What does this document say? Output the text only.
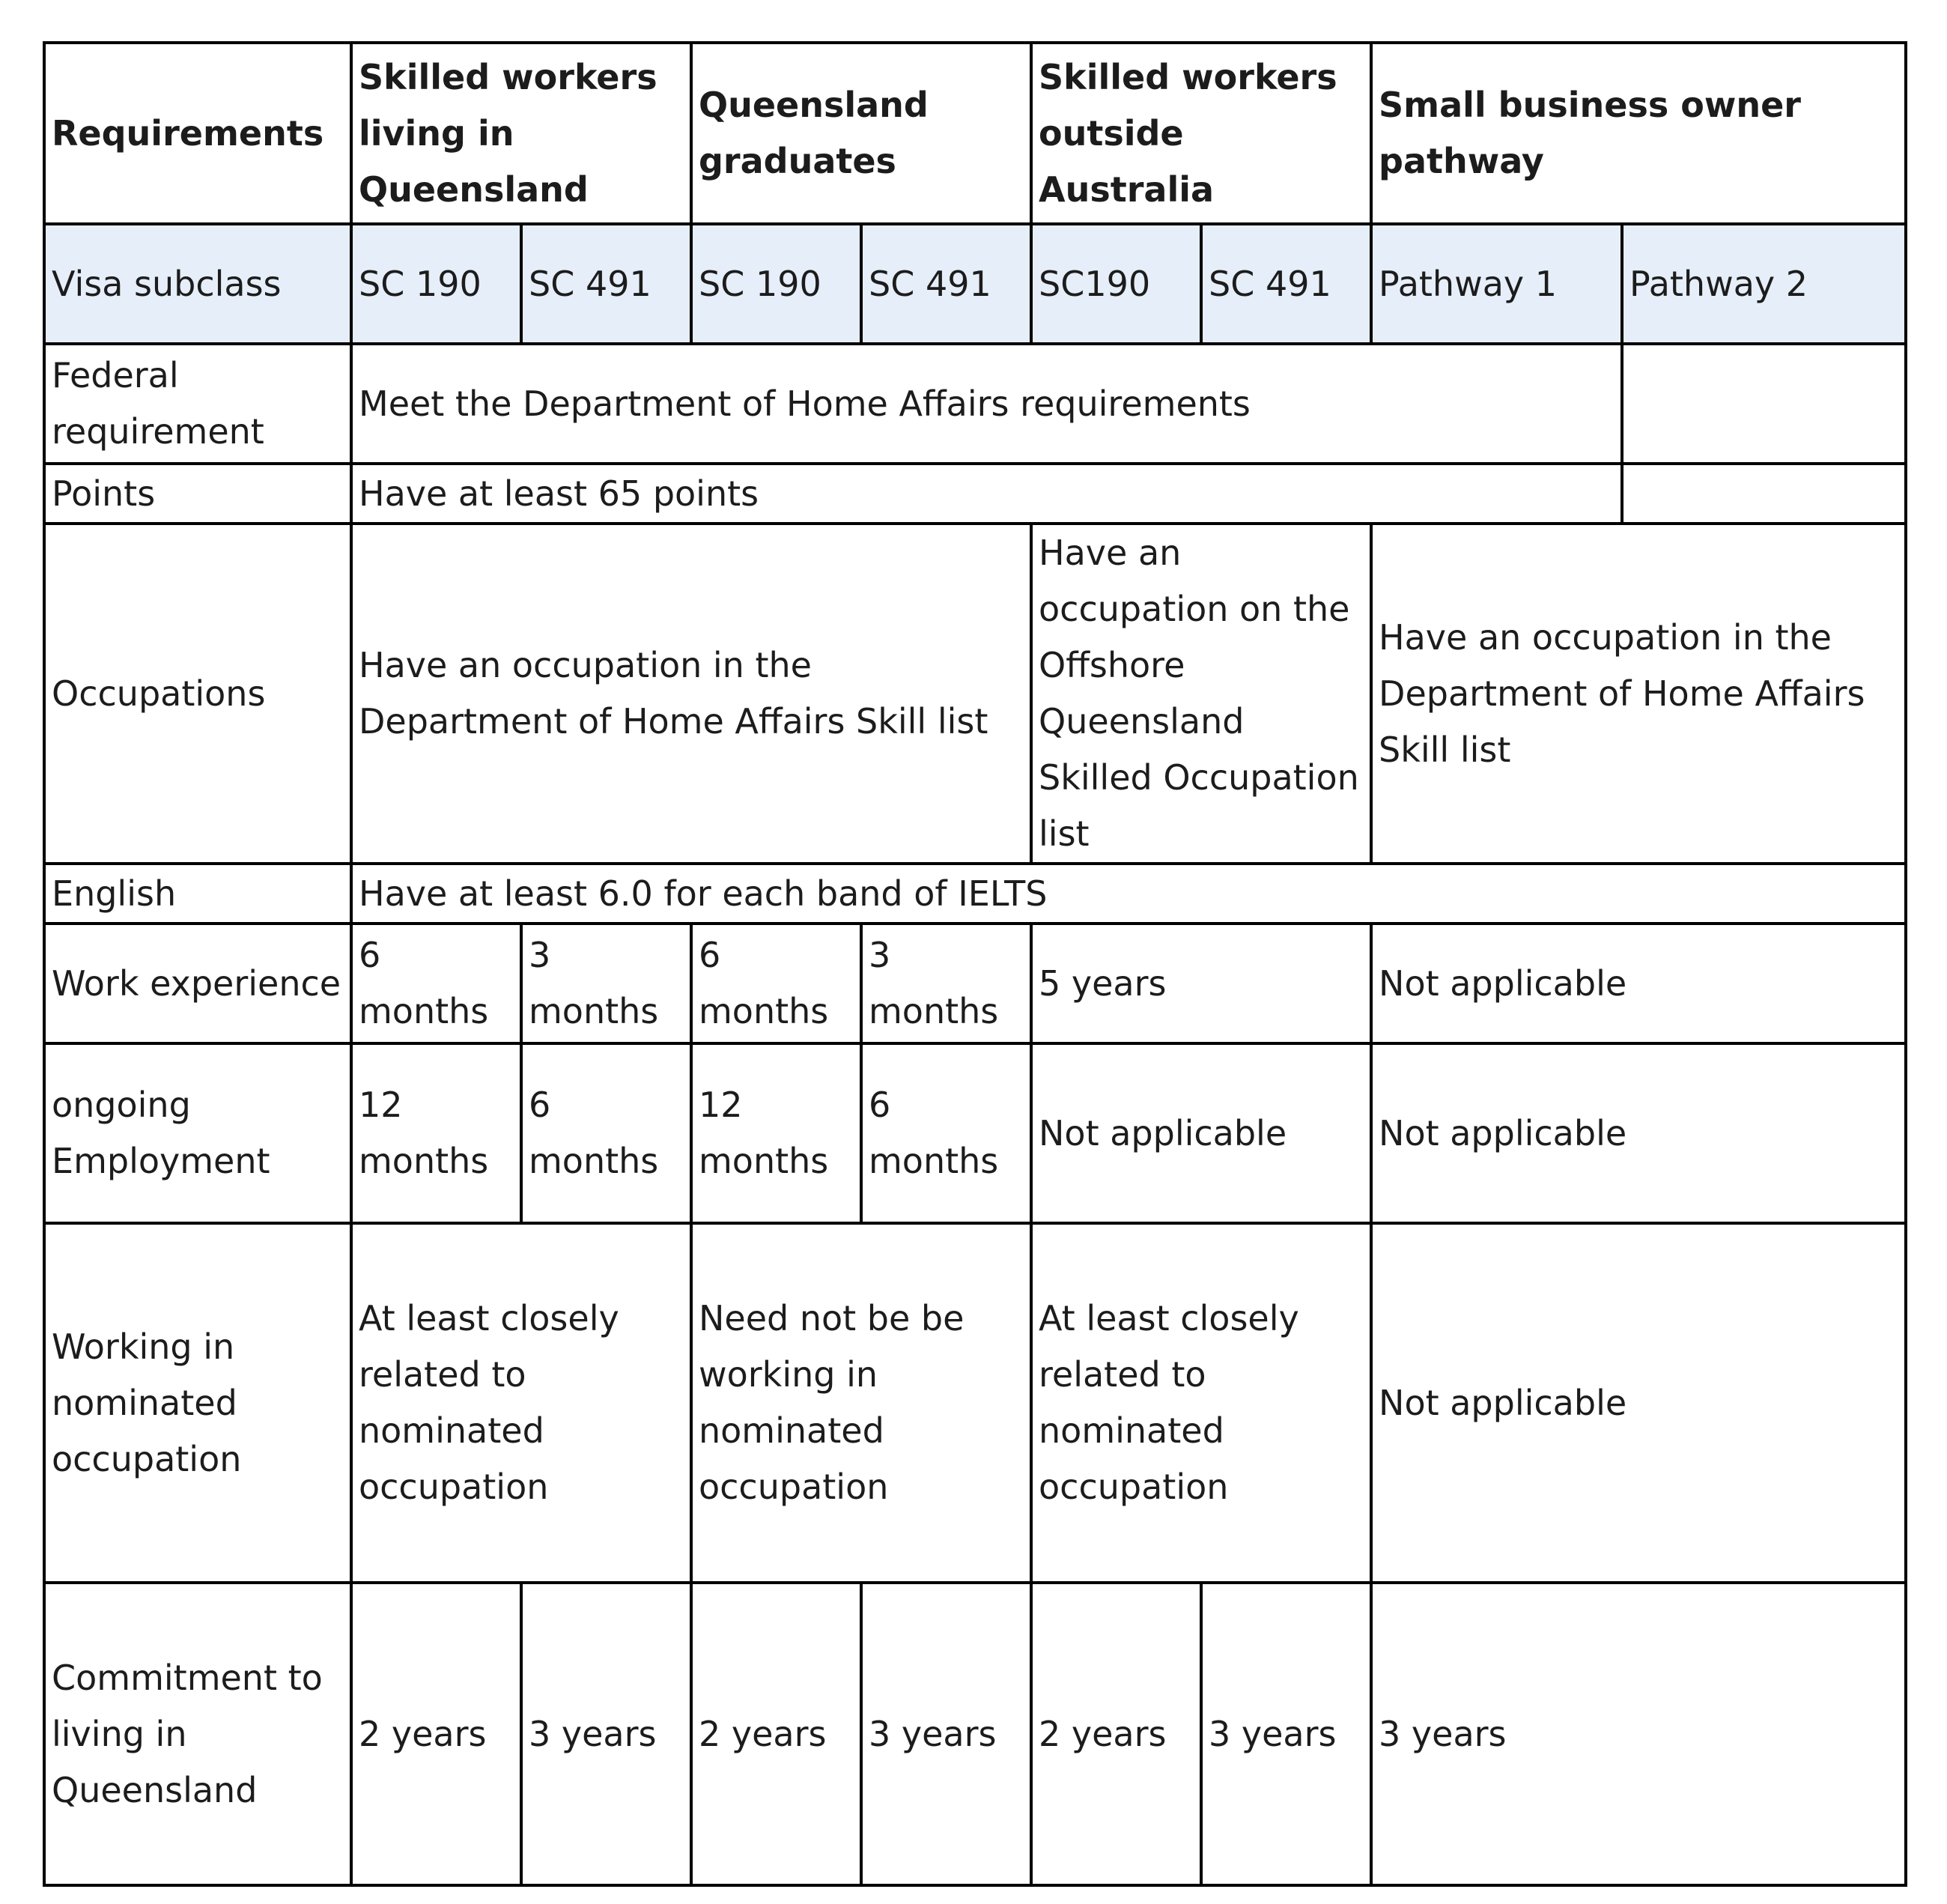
Requirements	Skilled workers living in Queensland		Queensland graduates		Skilled workers outside Australia		Small business owner pathway	

Visa subclass	SC 190	SC 491	SC 190	SC 491	SC190	SC 491	Pathway 1	Pathway 2

Federal requirement	Meet the Department of Home Affairs requirements							

Points	Have at least 65 points							

Occupations	Have an occupation in the Department of Home Affairs Skill list				Have an occupation on the Offshore Queensland Skilled Occupation list		Have an occupation in the Department of Home Affairs Skill list	

English	Have at least 6.0 for each band of IELTS							

Work experience	6 months	3 months	6 months	3 months	5 years		Not applicable	

ongoing Employment	12 months	6 months	12 months	6 months	Not applicable		Not applicable	

Working in nominated occupation	At least closely related to nominated occupation		Need not be be working in nominated occupation		At least closely related to nominated occupation		Not applicable	

Commitment to living in Queensland	2 years	3 years	2 years	3 years	2 years	3 years	3 years	
